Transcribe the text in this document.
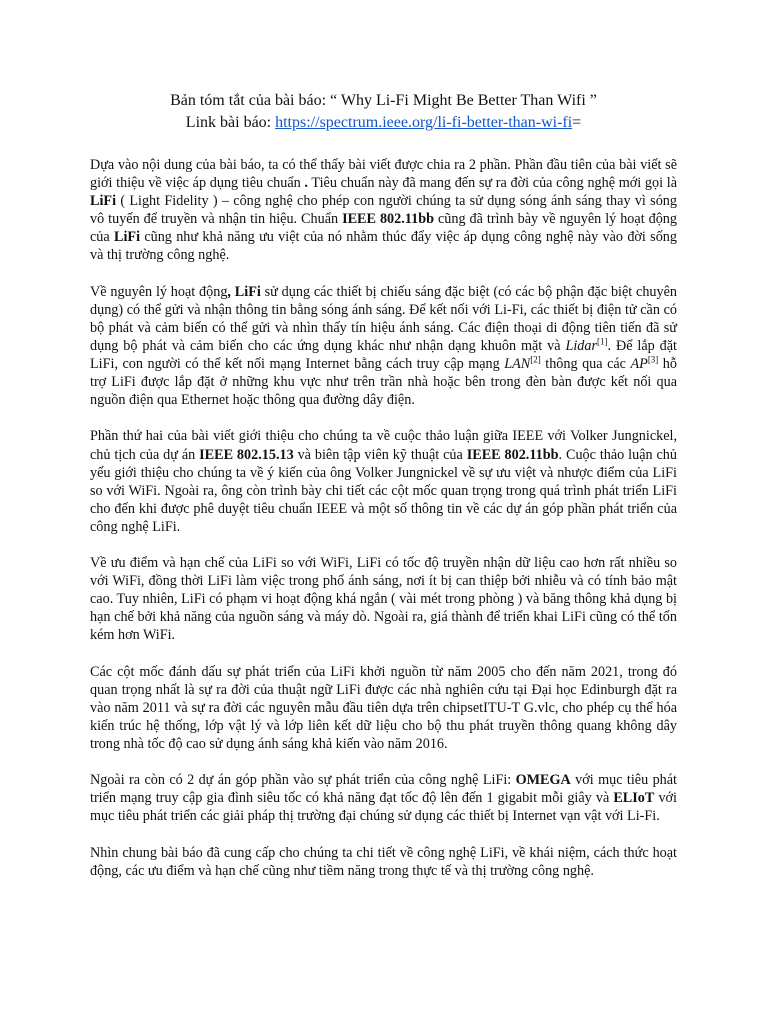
Bản tóm tắt của bài báo: “ Why Li-Fi Might Be Better Than Wifi ”
Link bài báo: https://spectrum.ieee.org/li-fi-better-than-wi-fi=

Dựa vào nội dung của bài báo, ta có thể thấy bài viết được chia ra 2 phần. Phần đầu tiên của bài viết sẽ giới thiệu về việc áp dụng tiêu chuẩn . Tiêu chuẩn này đã mang đến sự ra đời của công nghệ mới gọi là LiFi ( Light Fidelity ) – công nghệ cho phép con người chúng ta sử dụng sóng ánh sáng thay vì sóng vô tuyến để truyền và nhận tin hiệu. Chuẩn IEEE 802.11bb cũng đã trình bày về nguyên lý hoạt động của LiFi cũng như khả năng ưu việt của nó nhằm thúc đẩy việc áp dụng công nghệ này vào đời sống và thị trường công nghệ.

Về nguyên lý hoạt động, LiFi sử dụng các thiết bị chiếu sáng đặc biệt (có các bộ phận đặc biệt chuyên dụng) có thể gửi và nhận thông tin bằng sóng ánh sáng. Để kết nối với Li-Fi, các thiết bị điện tử cần có bộ phát và cảm biến có thể gửi và nhìn thấy tín hiệu ánh sáng. Các điện thoại di động tiên tiến đã sử dụng bộ phát và cảm biến cho các ứng dụng khác như nhận dạng khuôn mặt và Lidar[1]. Để lắp đặt LiFi, con người có thể kết nối mạng Internet bằng cách truy cập mạng LAN[2] thông qua các AP[3] hỗ trợ LiFi được lắp đặt ở những khu vực như trên trần nhà hoặc bên trong đèn bàn được kết nối qua nguồn điện qua Ethernet hoặc thông qua đường dây điện.

Phần thứ hai của bài viết giới thiệu cho chúng ta về cuộc thảo luận giữa IEEE với Volker Jungnickel, chủ tịch của dự án IEEE 802.15.13 và biên tập viên kỹ thuật của IEEE 802.11bb. Cuộc thảo luận chủ yếu giới thiệu cho chúng ta về ý kiến của ông Volker Jungnickel về sự ưu việt và nhược điểm của LiFi so với WiFi. Ngoài ra, ông còn trình bày chi tiết các cột mốc quan trọng trong quá trình phát triển LiFi cho đến khi được phê duyệt tiêu chuẩn IEEE và một số thông tin về các dự án góp phần phát triển của công nghệ LiFi.

Về ưu điểm và hạn chế của LiFi so với WiFi, LiFi có tốc độ truyền nhận dữ liệu cao hơn rất nhiều so với WiFi, đồng thời LiFi làm việc trong phổ ánh sáng, nơi ít bị can thiệp bởi nhiễu và có tính bảo mật cao. Tuy nhiên, LiFi có phạm vi hoạt động khá ngắn ( vài mét trong phòng ) và băng thông khả dụng bị hạn chế bởi khả năng của nguồn sáng và máy dò. Ngoài ra, giá thành để triển khai LiFi cũng có thể tốn kém hơn WiFi.

Các cột mốc đánh dấu sự phát triển của LiFi khởi nguồn từ năm 2005 cho đến năm 2021, trong đó quan trọng nhất là sự ra đời của thuật ngữ LiFi được các nhà nghiên cứu tại Đại học Edinburgh đặt ra vào năm 2011 và sự ra đời các nguyên mẫu đầu tiên dựa trên chipsetITU-T G.vlc, cho phép cụ thể hóa kiến trúc hệ thống, lớp vật lý và lớp liên kết dữ liệu cho bộ thu phát truyền thông quang không dây trong nhà tốc độ cao sử dụng ánh sáng khả kiến vào năm 2016.

Ngoài ra còn có 2 dự án góp phần vào sự phát triển của công nghệ LiFi: OMEGA với mục tiêu phát triển mạng truy cập gia đình siêu tốc có khả năng đạt tốc độ lên đến 1 gigabit mỗi giây và ELIoT với mục tiêu phát triển các giải pháp thị trường đại chúng sử dụng các thiết bị Internet vạn vật với Li-Fi.

Nhìn chung bài báo đã cung cấp cho chúng ta chi tiết về công nghệ LiFi, về khái niệm, cách thức hoạt động, các ưu điểm và hạn chế cũng như tiềm năng trong thực tế và thị trường công nghệ.
